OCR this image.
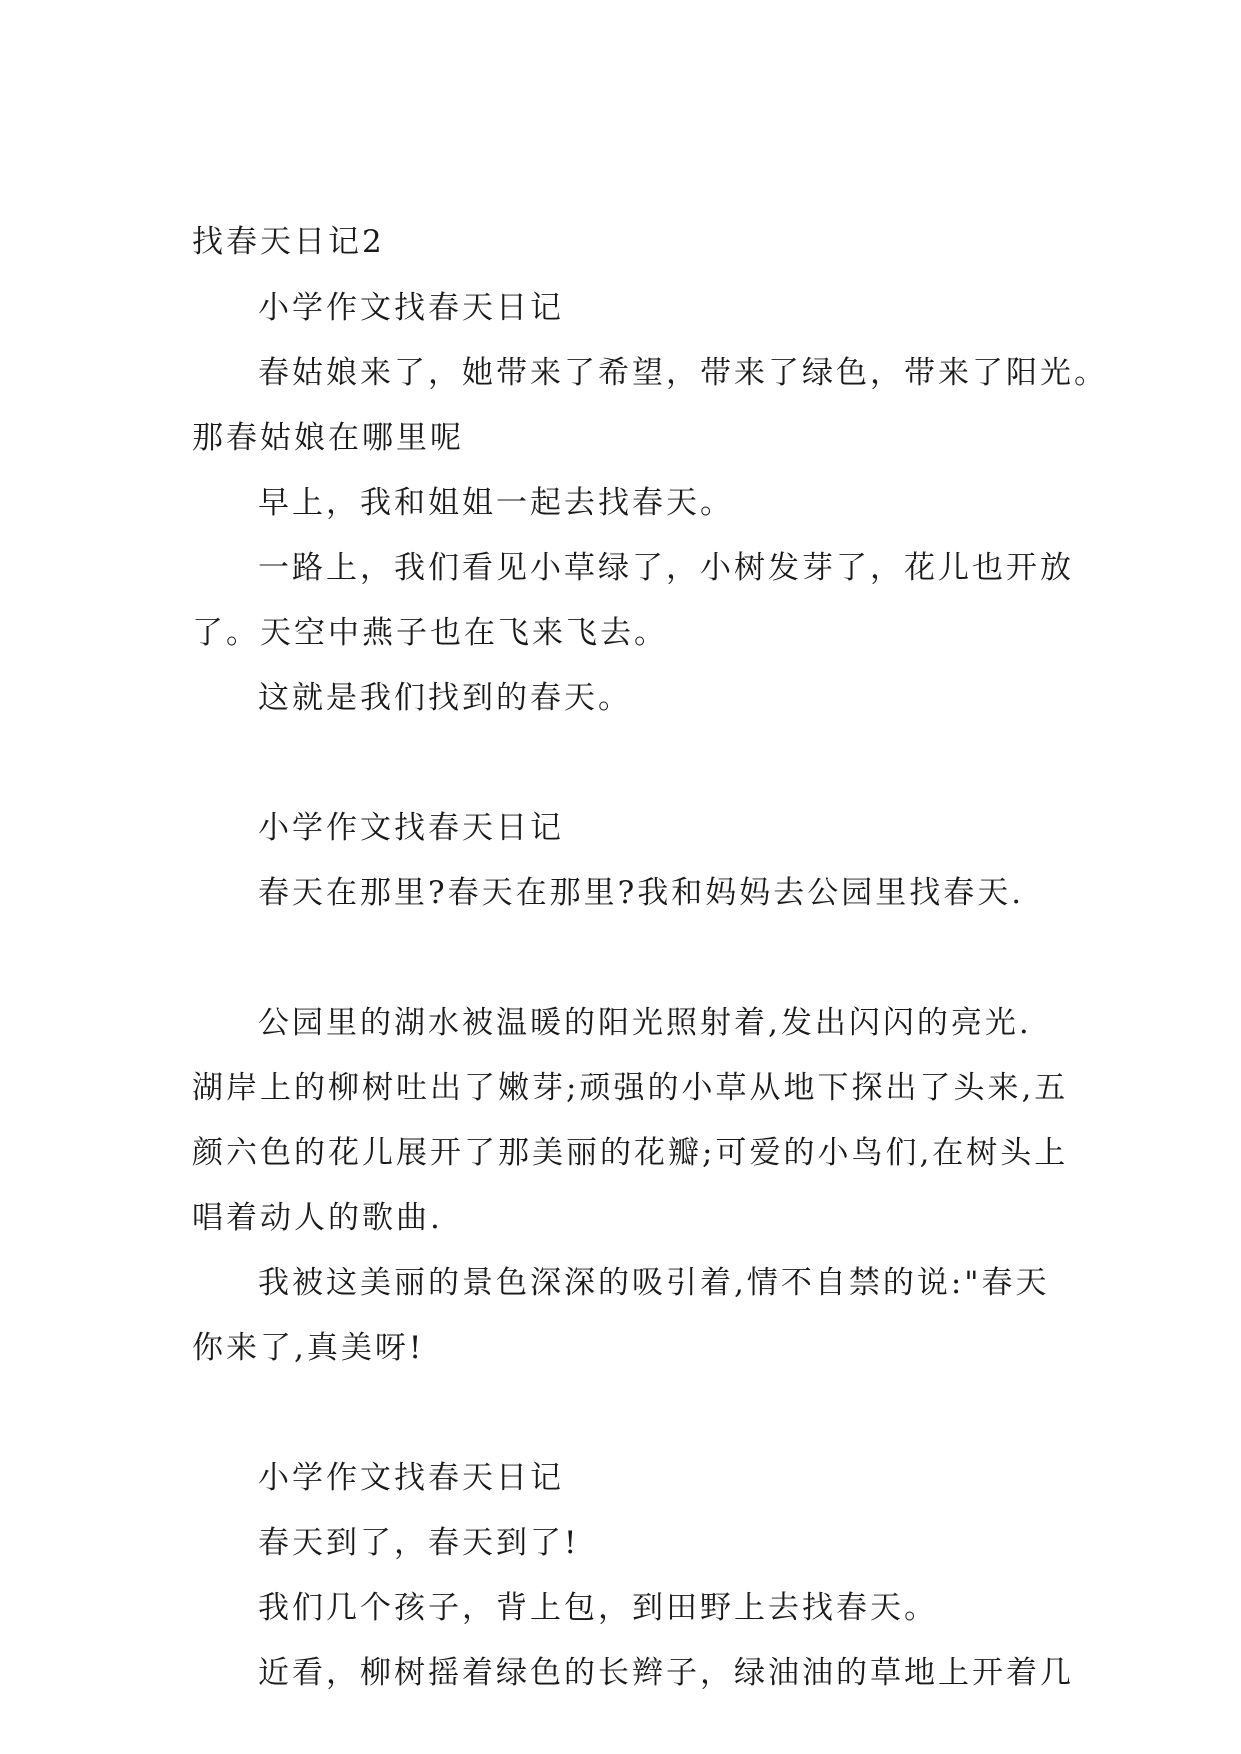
找春天日记2
小学作文找春天日记
春姑娘来了，她带来了希望，带来了绿色，带来了阳光。
那春姑娘在哪里呢
早上，我和姐姐一起去找春天。
一路上，我们看见小草绿了，小树发芽了，花儿也开放
了。天空中燕子也在飞来飞去。
这就是我们找到的春天。
小学作文找春天日记
春天在那里?春天在那里?我和妈妈去公园里找春天.
公园里的湖水被温暖的阳光照射着,发出闪闪的亮光.
湖岸上的柳树吐出了嫩芽;顽强的小草从地下探出了头来,五
颜六色的花儿展开了那美丽的花瓣;可爱的小鸟们,在树头上
唱着动人的歌曲.
我被这美丽的景色深深的吸引着,情不自禁的说:"春天
你来了,真美呀!
小学作文找春天日记
春天到了，春天到了!
我们几个孩子，背上包，到田野上去找春天。
近看，柳树摇着绿色的长辫子，绿油油的草地上开着几
